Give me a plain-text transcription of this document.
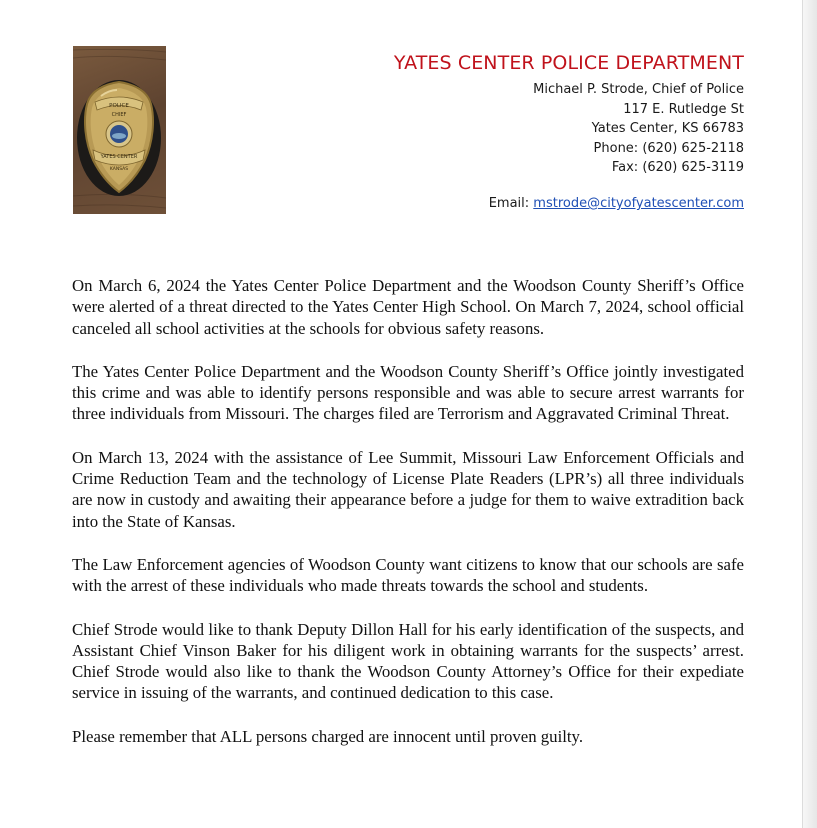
POLICE
CHIEF
YATES CENTER
KANSAS
YATES CENTER POLICE DEPARTMENT
Michael P. Strode, Chief of Police
117 E. Rutledge St
Yates Center, KS 66783
Phone: (620) 625-2118
Fax: (620) 625-3119
Email: mstrode@cityofyatescenter.com

On March 6, 2024 the Yates Center Police Department and the Woodson County Sheriff’s Office were alerted of a threat directed to the Yates Center High School. On March 7, 2024, school official canceled all school activities at the schools for obvious safety reasons.

The Yates Center Police Department and the Woodson County Sheriff’s Office jointly investigated this crime and was able to identify persons responsible and was able to secure arrest warrants for three individuals from Missouri. The charges filed are Terrorism and Aggravated Criminal Threat.

On March 13, 2024 with the assistance of Lee Summit, Missouri Law Enforcement Officials and Crime Reduction Team and the technology of License Plate Readers (LPR’s) all three individuals are now in custody and awaiting their appearance before a judge for them to waive extradition back into the State of Kansas.

The Law Enforcement agencies of Woodson County want citizens to know that our schools are safe with the arrest of these individuals who made threats towards the school and students.

Chief Strode would like to thank Deputy Dillon Hall for his early identification of the suspects, and Assistant Chief Vinson Baker for his diligent work in obtaining warrants for the suspects’ arrest. Chief Strode would also like to thank the Woodson County Attorney’s Office for their expediate service in issuing of the warrants, and continued dedication to this case.

Please remember that ALL persons charged are innocent until proven guilty.
